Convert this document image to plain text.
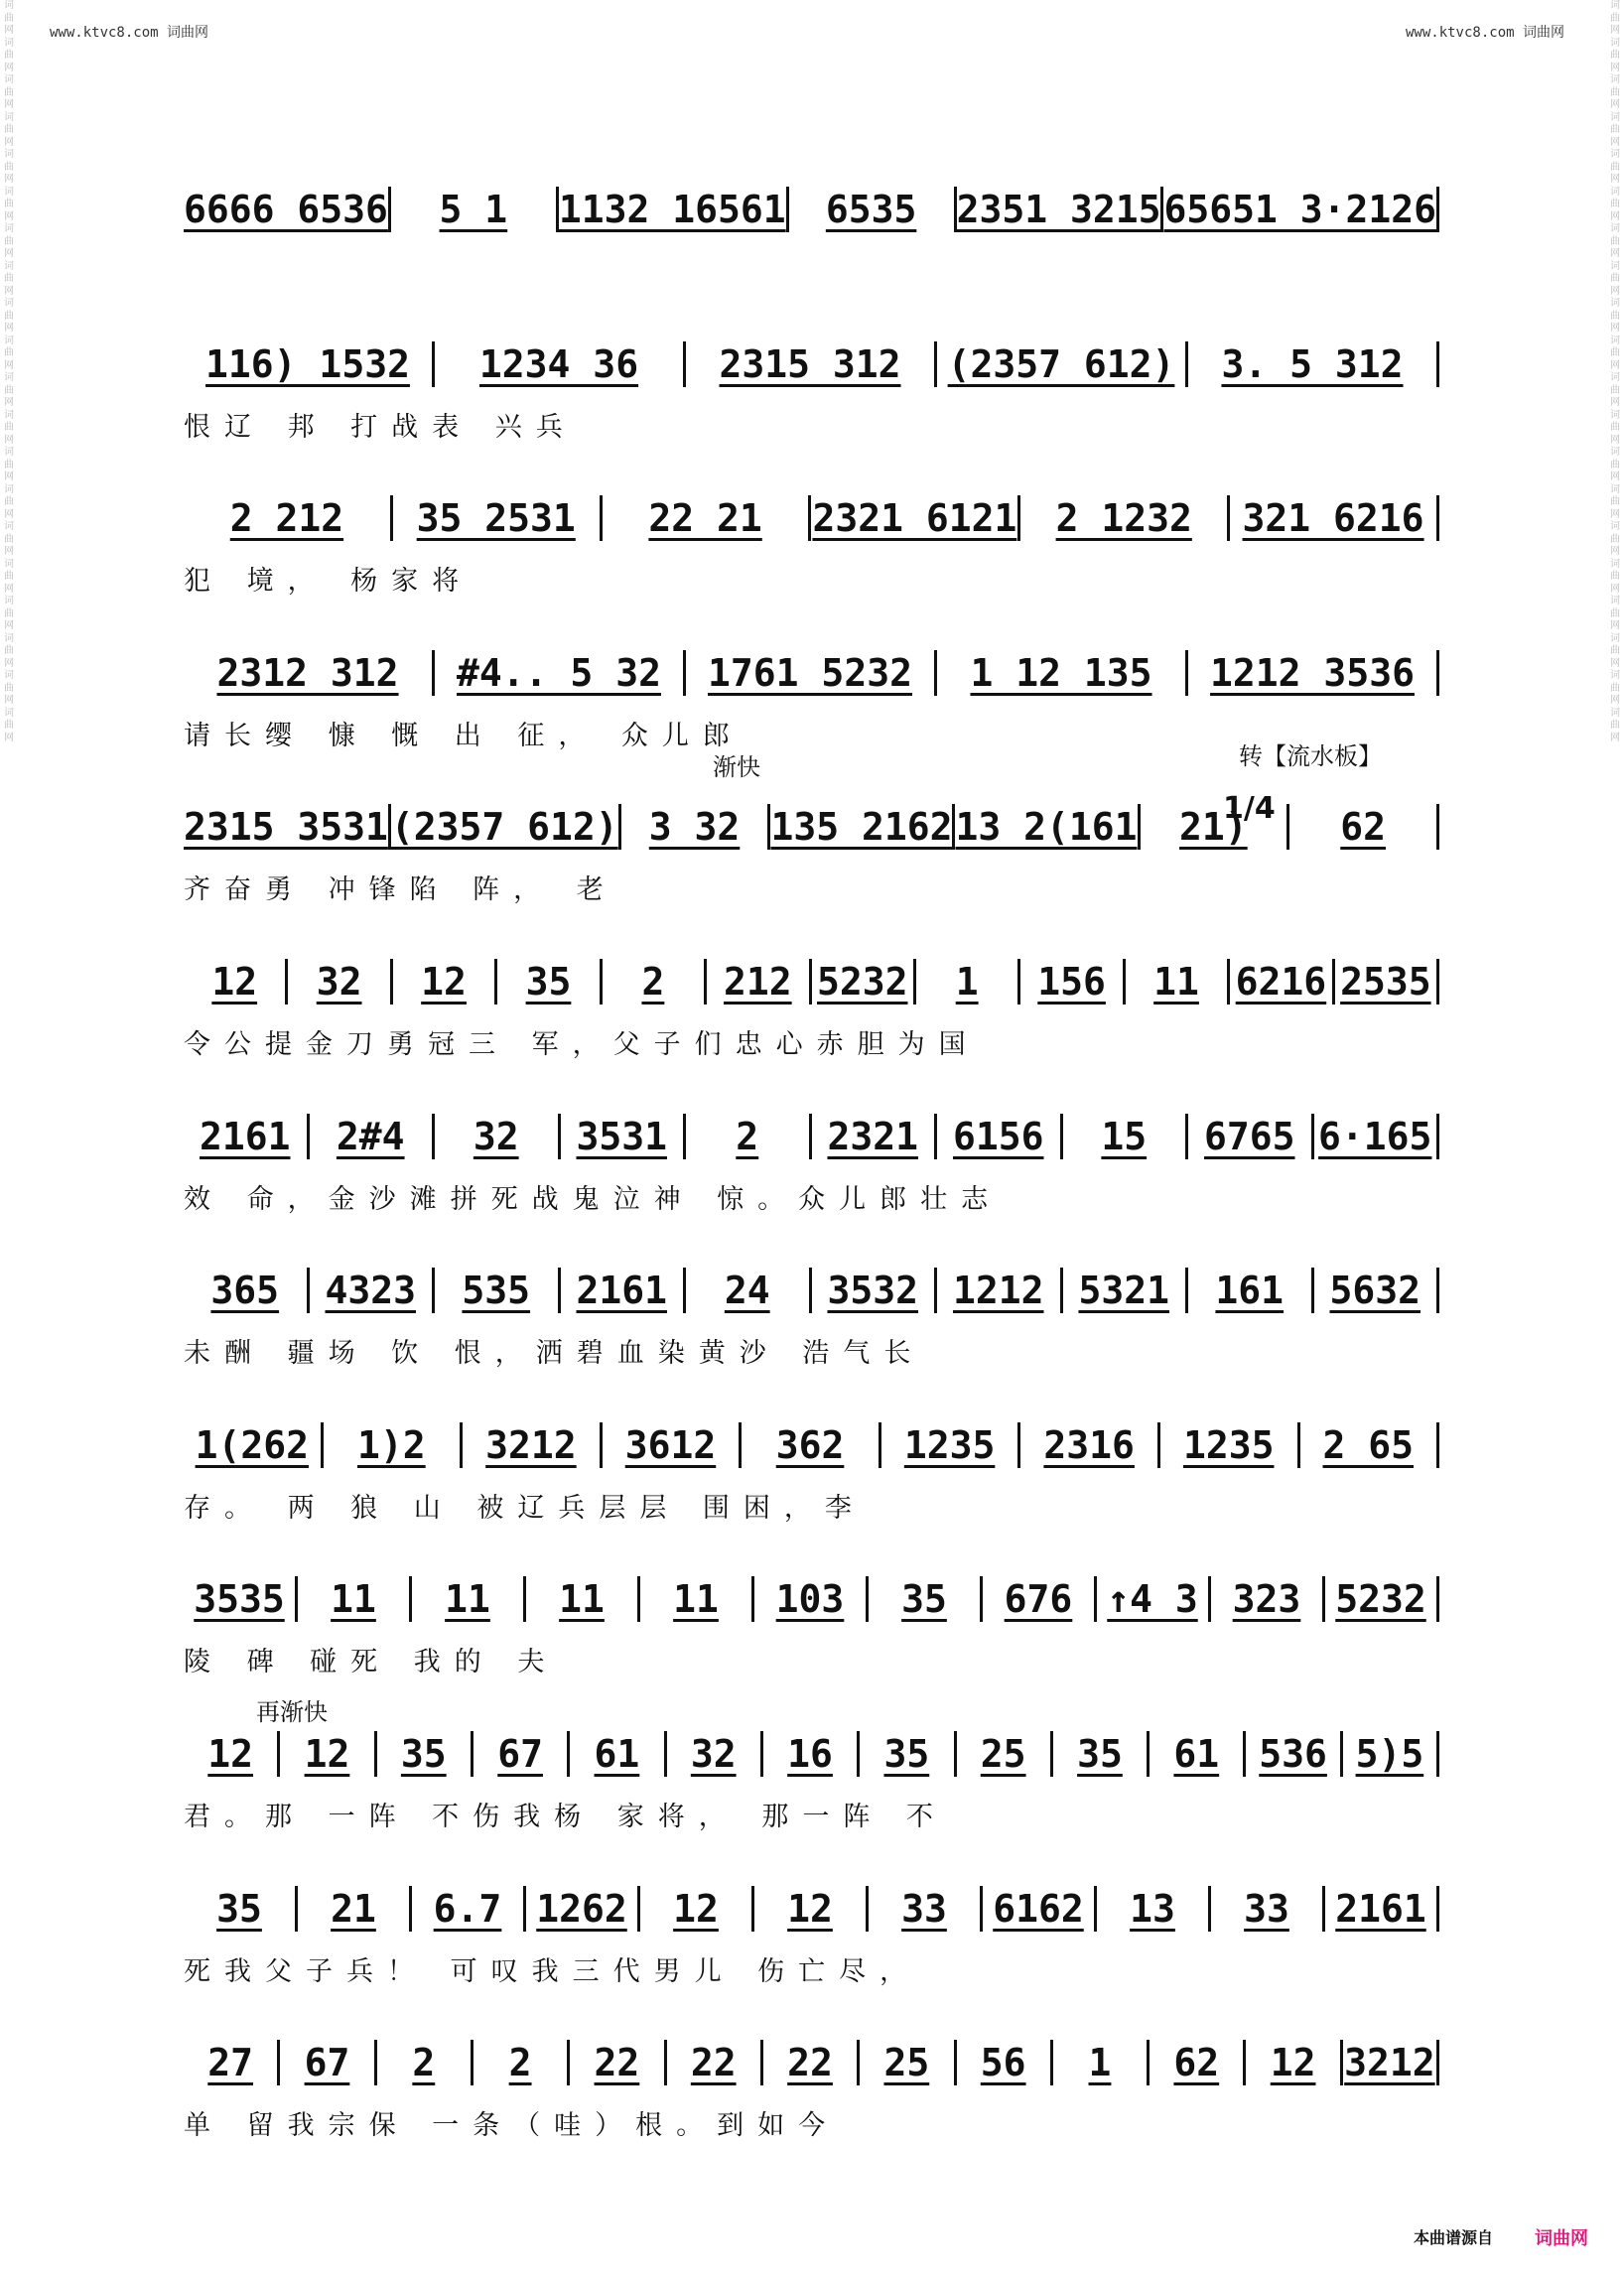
www.ktvc8.com 词曲网	www.ktvc8.com 词曲网
词曲网词曲网词曲网词曲网词曲网词曲网词曲网词曲网词曲网词曲网词曲网词曲网词曲网词曲网词曲网词曲网词曲网词曲网词曲网词曲网
词曲网词曲网词曲网词曲网词曲网词曲网词曲网词曲网词曲网词曲网词曲网词曲网词曲网词曲网词曲网词曲网词曲网词曲网词曲网词曲网
渐快	转【流水板】
1/4
再渐快
6666 6536	5 1	1132 16561	6535	2351 3215 65651 3·2126
116) 1532	1234 36	2315 312	(2357 612)	3. 5 312
恨辽 邦 打战表 兴兵
2 212	35 2531	22 21	2321 6121	2 1232	321 6216
犯 境， 杨家将
2312 312	#4.. 5 32	1761 5232	1 12 135	1212 3536
请长缨 慷 慨 出 征， 众儿郎
2315 3531 (2357 612) 3 32 135 2162 13 2(161	21)	62
齐奋勇 冲锋陷 阵， 老
12	32	12	35	2	212 5232	1	156	11 6216 2535
令公提金刀勇冠三 军，父子们忠心赤胆为国
2161	2#4	32	3531	2	2321 6156	15	6765 6·165
效 命，金沙滩拼死战鬼泣神 惊。众儿郎壮志
365	4323	535	2161	24	3532 1212 5321	161	5632
未酬 疆场 饮 恨，洒碧血染黄沙 浩气长
1(262	1)2	3212	3612	362	1235	2316	1235	2 65
存。 两 狼 山 被辽兵层层 围困，李
3535	11	11	11	11	103	35	676 ↑4 3 323 5232
陵 碑 碰死 我的 夫
12	12	35	67	61	32	16	35	25	35	61	536 5)5
君。那 一阵 不伤我杨 家将， 那一阵 不
35	21	6.7 1262	12	12	33	6162	13	33	2161
死我父子兵！ 可叹我三代男儿 伤亡尽，
27	67	2	2	22	22	22	25	56	1	62	12 3212
单 留我宗保 一条（哇）根。到如今
本曲谱源自 词曲网
